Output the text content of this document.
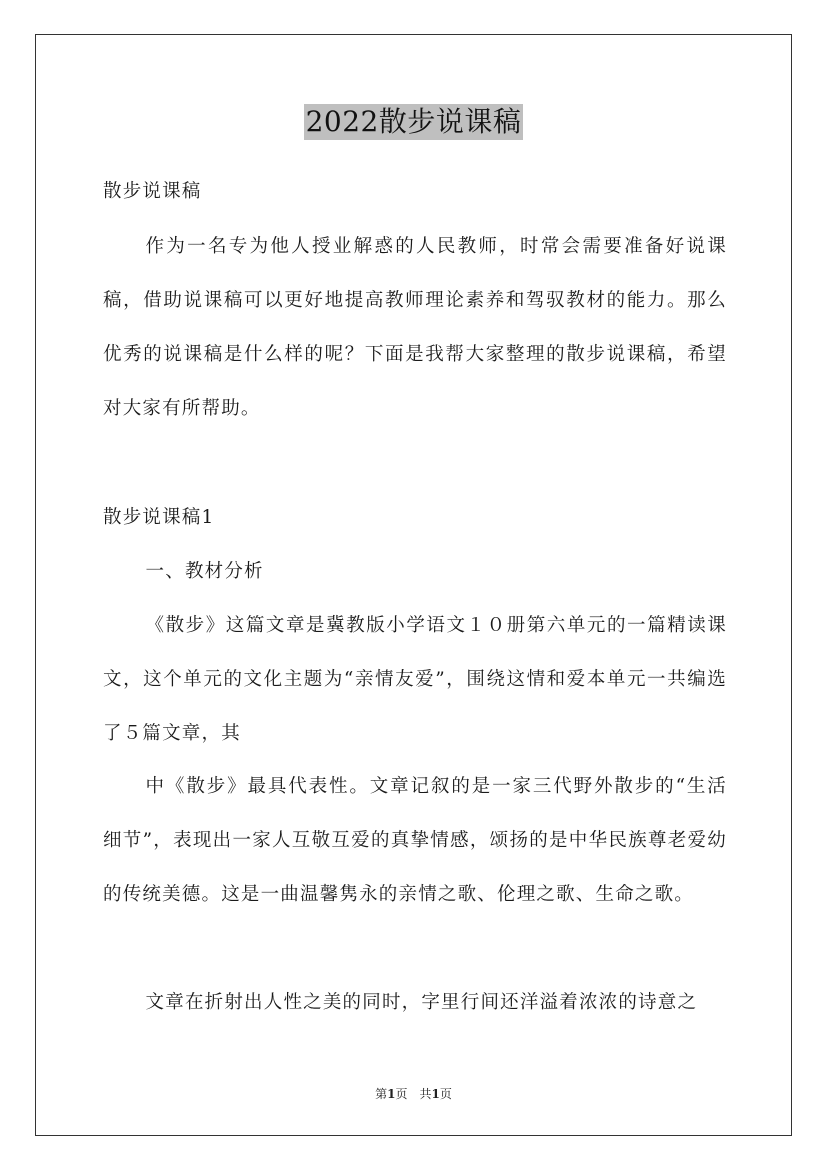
2022散步说课稿

散步说课稿

作为一名专为他人授业解惑的人民教师，时常会需要准备好说课稿，借助说课稿可以更好地提高教师理论素养和驾驭教材的能力。那么优秀的说课稿是什么样的呢？下面是我帮大家整理的散步说课稿，希望对大家有所帮助。

散步说课稿1

一、教材分析

《散步》这篇文章是冀教版小学语文１０册第六单元的一篇精读课文，这个单元的文化主题为“亲情友爱”，围绕这情和爱本单元一共编选了５篇文章，其

中《散步》最具代表性。文章记叙的是一家三代野外散步的“生活细节”，表现出一家人互敬互爱的真挚情感，颂扬的是中华民族尊老爱幼的传统美德。这是一曲温馨隽永的亲情之歌、伦理之歌、生命之歌。

文章在折射出人性之美的同时，字里行间还洋溢着浓浓的诗意之

第1页　共1页
